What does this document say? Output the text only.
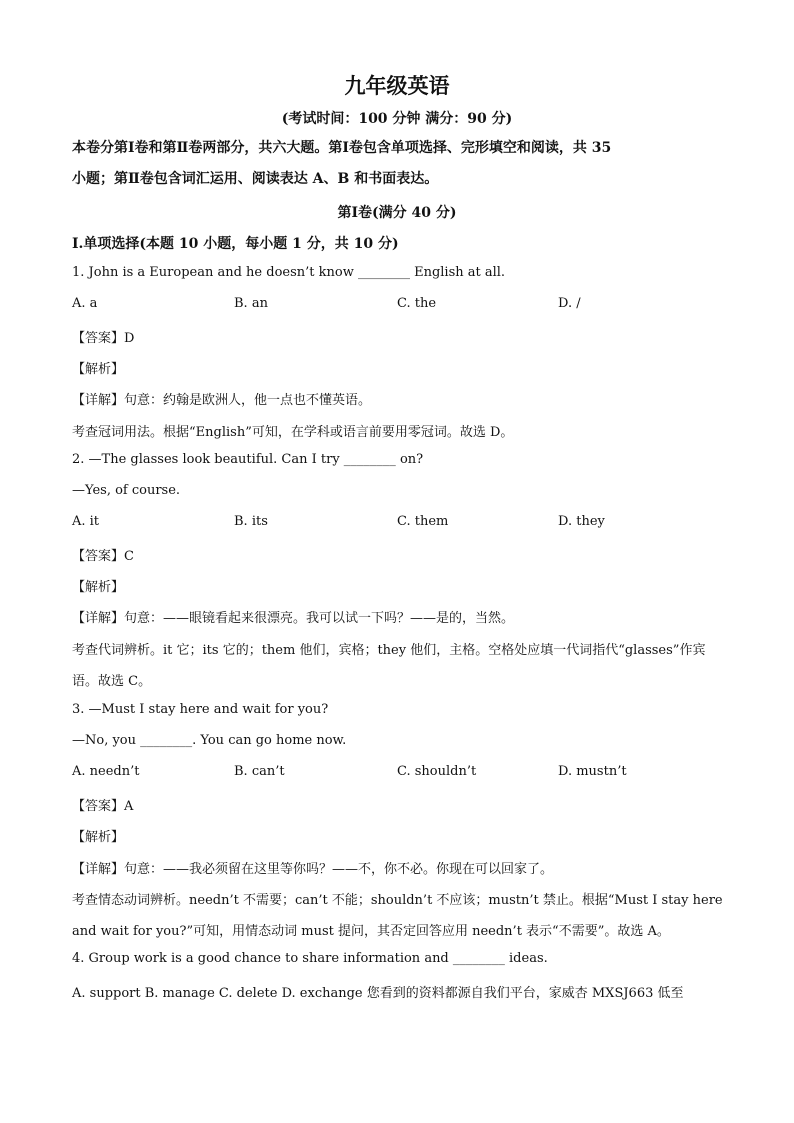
九年级英语
(考试时间：100 分钟 满分：90 分)
本卷分第Ⅰ卷和第Ⅱ卷两部分，共六大题。第Ⅰ卷包含单项选择、完形填空和阅读，共 35
小题；第Ⅱ卷包含词汇运用、阅读表达 A、B 和书面表达。
第Ⅰ卷(满分 40 分)
I.单项选择(本题 10 小题，每小题 1 分，共 10 分)
1. John is a European and he doesn’t know ________ English at all.
A. a	B. an	C. the	D. /
【答案】D
【解析】
【详解】句意：约翰是欧洲人，他一点也不懂英语。
考查冠词用法。根据“English”可知，在学科或语言前要用零冠词。故选 D。
2. —The glasses look beautiful. Can I try ________ on?
—Yes, of course.
A. it	B. its	C. them	D. they
【答案】C
【解析】
【详解】句意：——眼镜看起来很漂亮。我可以试一下吗？——是的，当然。
考查代词辨析。it 它；its 它的；them 他们，宾格；they 他们，主格。空格处应填一代词指代“glasses”作宾
语。故选 C。
3. —Must I stay here and wait for you?
—No, you ________. You can go home now.
A. needn’t	B. can’t	C. shouldn’t	D. mustn’t
【答案】A
【解析】
【详解】句意：——我必须留在这里等你吗？——不，你不必。你现在可以回家了。
考查情态动词辨析。needn’t 不需要；can’t 不能；shouldn’t 不应该；mustn’t 禁止。根据“Must I stay here
and wait for you?”可知，用情态动词 must 提问，其否定回答应用 needn’t 表示“不需要”。故选 A。
4. Group work is a good chance to share information and ________ ideas.
A. support B. manage C. delete D. exchange 您看到的资料都源自我们平台，家威杏 MXSJ663 低至
